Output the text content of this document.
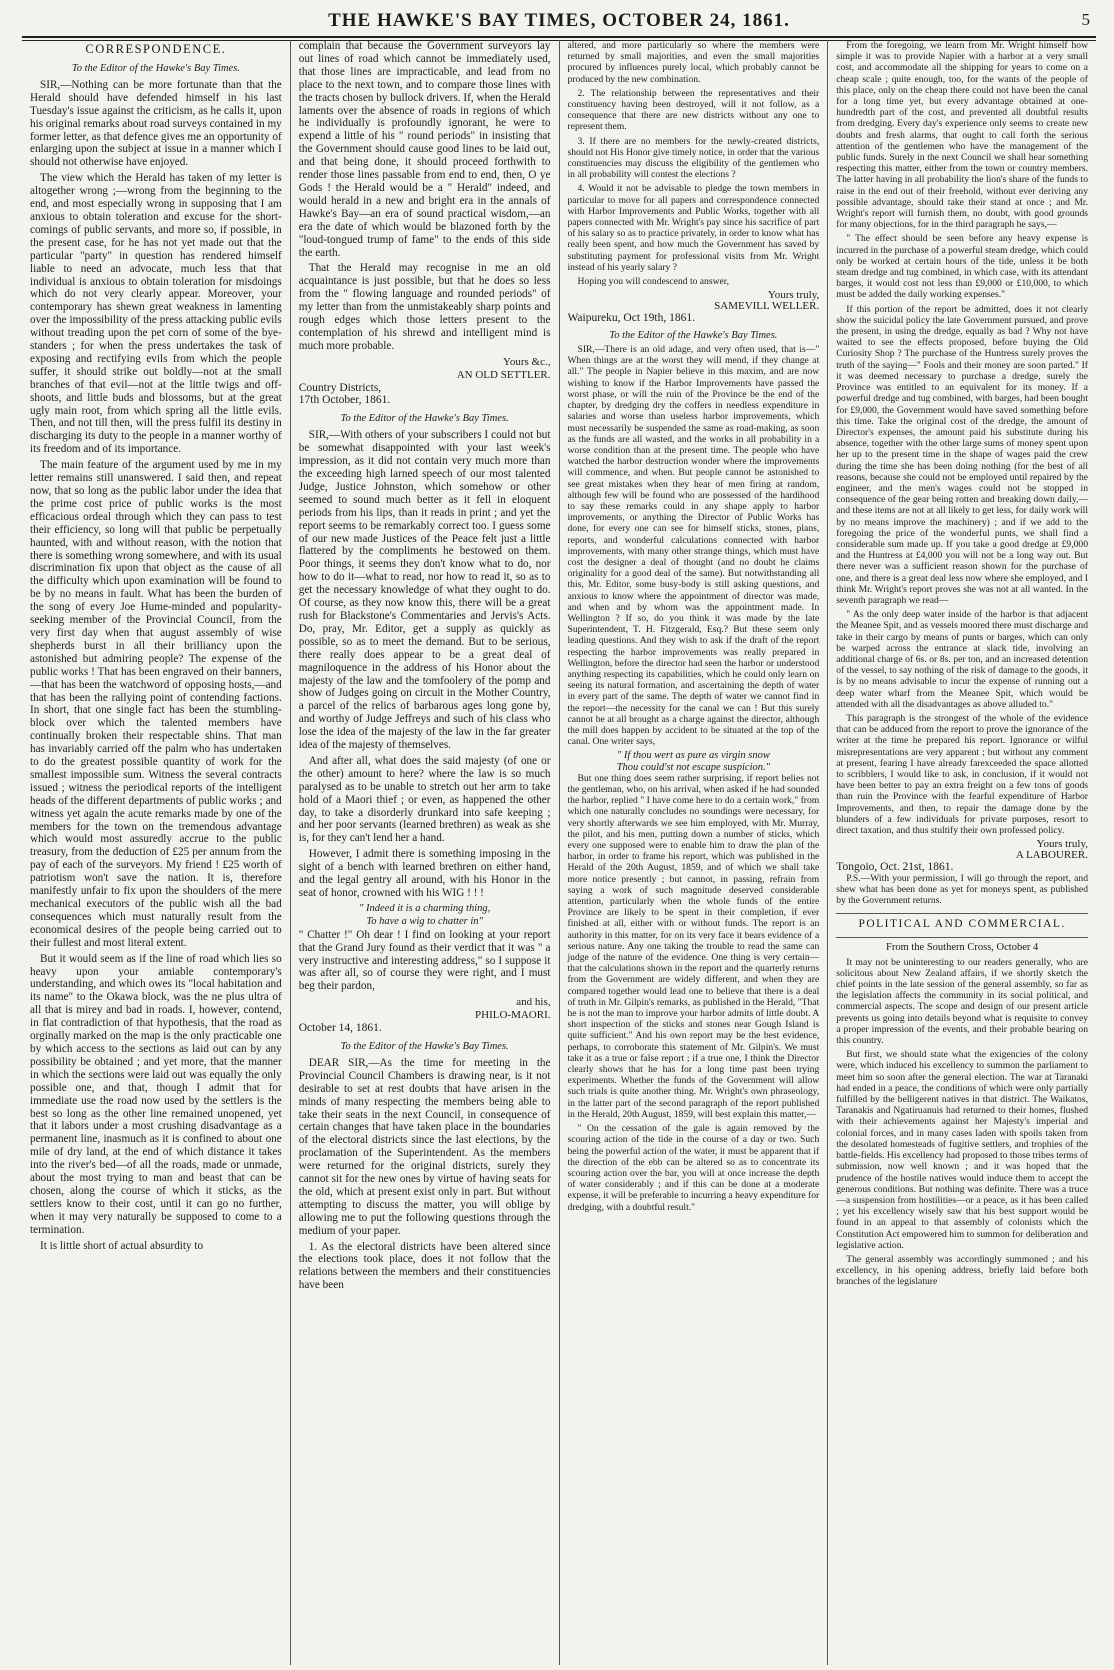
THE HAWKE'S BAY TIMES, OCTOBER 24, 1861.	5
CORRESPONDENCE.

To the Editor of the Hawke's Bay Times.

SIR,—Nothing can be more fortunate than that the Herald should have defended himself in his last Tuesday's issue against the criticism, as he calls it, upon his original remarks about road surveys contained in my former letter, as that defence gives me an opportunity of enlarging upon the subject at issue in a manner which I should not otherwise have enjoyed.

The view which the Herald has taken of my letter is altogether wrong ;—wrong from the beginning to the end, and most especially wrong in supposing that I am anxious to obtain toleration and excuse for the short-comings of public servants, and more so, if possible, in the present case, for he has not yet made out that the particular "party" in question has rendered himself liable to need an advocate, much less that that individual is anxious to obtain toleration for misdoings which do not very clearly appear. Moreover, your contemporary has shewn great weakness in lamenting over the impossibility of the press attacking public evils without treading upon the pet corn of some of the bye-standers ; for when the press undertakes the task of exposing and rectifying evils from which the people suffer, it should strike out boldly—not at the small branches of that evil—not at the little twigs and off-shoots, and little buds and blossoms, but at the great ugly main root, from which spring all the little evils. Then, and not till then, will the press fulfil its destiny in discharging its duty to the people in a manner worthy of its freedom and of its importance.

The main feature of the argument used by me in my letter remains still unanswered. I said then, and repeat now, that so long as the public labor under the idea that the prime cost price of public works is the most efficacious ordeal through which they can pass to test their efficiency, so long will that public be perpetually haunted, with and without reason, with the notion that there is something wrong somewhere, and with its usual discrimination fix upon that object as the cause of all the difficulty which upon examination will be found to be by no means in fault. What has been the burden of the song of every Joe Hume-minded and popularity-seeking member of the Provincial Council, from the very first day when that august assembly of wise shepherds burst in all their brilliancy upon the astonished but admiring people? The expense of the public works ! That has been engraved on their banners,—that has been the watchword of opposing hosts,—and that has been the rallying point of contending factions. In short, that one single fact has been the stumbling-block over which the talented members have continually broken their respectable shins. That man has invariably carried off the palm who has undertaken to do the greatest possible quantity of work for the smallest impossible sum. Witness the several contracts issued ; witness the periodical reports of the intelligent heads of the different departments of public works ; and witness yet again the acute remarks made by one of the members for the town on the tremendous advantage which would most assuredly accrue to the public treasury, from the deduction of £25 per annum from the pay of each of the surveyors. My friend ! £25 worth of patriotism won't save the nation. It is, therefore manifestly unfair to fix upon the shoulders of the mere mechanical executors of the public wish all the bad consequences which must naturally result from the economical desires of the people being carried out to their fullest and most literal extent.

But it would seem as if the line of road which lies so heavy upon your amiable contemporary's understanding, and which owes its "local habitation and its name" to the Okawa block, was the ne plus ultra of all that is mirey and bad in roads. I, however, contend, in flat contradiction of that hypothesis, that the road as orginally marked on the map is the only practicable one by which access to the sections as laid out can by any possibility be obtained ; and yet more, that the manner in which the sections were laid out was equally the only possible one, and that, though I admit that for immediate use the road now used by the settlers is the best so long as the other line remained unopened, yet that it labors under a most crushing disadvantage as a permanent line, inasmuch as it is confined to about one mile of dry land, at the end of which distance it takes into the river's bed—of all the roads, made or unmade, about the most trying to man and beast that can be chosen, along the course of which it sticks, as the settlers know to their cost, until it can go no further, when it may very naturally be supposed to come to a termination.

It is little short of actual absurdity to

complain that because the Government surveyors lay out lines of road which cannot be immediately used, that those lines are impracticable, and lead from no place to the next town, and to compare those lines with the tracts chosen by bullock drivers. If, when the Herald laments over the absence of roads in regions of which he individually is profoundly ignorant, he were to expend a little of his " round periods" in insisting that the Government should cause good lines to be laid out, and that being done, it should proceed forthwith to render those lines passable from end to end, then, O ye Gods ! the Herald would be a " Herald" indeed, and would herald in a new and bright era in the annals of Hawke's Bay—an era of sound practical wisdom,—an era the date of which would be blazoned forth by the "loud-tongued trump of fame" to the ends of this side the earth.

That the Herald may recognise in me an old acquaintance is just possible, but that he does so less from the " flowing language and rounded periods" of my letter than from the unmistakeably sharp points and rough edges which those letters present to the contemplation of his shrewd and intelligent mind is much more probable.

Yours &c.,

AN OLD SETTLER.

Country Districts,

17th October, 1861.

To the Editor of the Hawke's Bay Times.

SIR,—With others of your subscribers I could not but be somewhat disappointed with your last week's impression, as it did not contain very much more than the exceeding high larned speech of our most talented Judge, Justice Johnston, which somehow or other seemed to sound much better as it fell in eloquent periods from his lips, than it reads in print ; and yet the report seems to be remarkably correct too. I guess some of our new made Justices of the Peace felt just a little flattered by the compliments he bestowed on them. Poor things, it seems they don't know what to do, nor how to do it—what to read, nor how to read it, so as to get the necessary knowledge of what they ought to do. Of course, as they now know this, there will be a great rush for Blackstone's Commentaries and Jervis's Acts. Do, pray, Mr. Editor, get a supply as quickly as possible, so as to meet the demand. But to be serious, there really does appear to be a great deal of magniloquence in the address of his Honor about the majesty of the law and the tomfoolery of the pomp and show of Judges going on circuit in the Mother Country, a parcel of the relics of barbarous ages long gone by, and worthy of Judge Jeffreys and such of his class who lose the idea of the majesty of the law in the far greater idea of the majesty of themselves.

And after all, what does the said majesty (of one or the other) amount to here? where the law is so much paralysed as to be unable to stretch out her arm to take hold of a Maori thief ; or even, as happened the other day, to take a disorderly drunkard into safe keeping ; and her poor servants (learned brethren) as weak as she is, for they can't lend her a hand.

However, I admit there is something imposing in the sight of a bench with learned brethren on either hand, and the legal gentry all around, with his Honor in the seat of honor, crowned with his WIG ! ! !

" Indeed it is a charming thing,

To have a wig to chatter in"

" Chatter !" Oh dear ! I find on looking at your report that the Grand Jury found as their verdict that it was " a very instructive and interesting address," so I suppose it was after all, so of course they were right, and I must beg their pardon,

and his,

PHILO-MAORI.

October 14, 1861.

To the Editor of the Hawke's Bay Times.

DEAR SIR,—As the time for meeting in the Provincial Council Chambers is drawing near, is it not desirable to set at rest doubts that have arisen in the minds of many respecting the members being able to take their seats in the next Council, in consequence of certain changes that have taken place in the boundaries of the electoral districts since the last elections, by the proclamation of the Superintendent. As the members were returned for the original districts, surely they cannot sit for the new ones by virtue of having seats for the old, which at present exist only in part. But without attempting to discuss the matter, you will oblige by allowing me to put the following questions through the medium of your paper.

1. As the electoral districts have been altered since the elections took place, does it not follow that the relations between the members and their constituencies have been

altered, and more particularly so where the members were returned by small majorities, and even the small majorities procured by influences purely local, which probably cannot be produced by the new combination.

2. The relationship between the representatives and their constituency having been destroyed, will it not follow, as a consequence that there are new districts without any one to represent them.

3. If there are no members for the newly-created districts, should not His Honor give timely notice, in order that the various constituencies may discuss the eligibility of the gentlemen who in all probability will contest the elections ?

4. Would it not be advisable to pledge the town members in particular to move for all papers and correspondence connected with Harbor Improvements and Public Works, together with all papers connected with Mr. Wright's pay since his sacrifice of part of his salary so as to practice privately, in order to know what has really been spent, and how much the Government has saved by substituting payment for professional visits from Mr. Wright instead of his yearly salary ?

Hoping you will condescend to answer,

Yours truly,

SAMEVILL WELLER.

Waipureku, Oct 19th, 1861.

To the Editor of the Hawke's Bay Times.

SIR,—There is an old adage, and very often used, that is—" When things are at the worst they will mend, if they change at all." The people in Napier believe in this maxim, and are now wishing to know if the Harbor Improvements have passed the worst phase, or will the ruin of the Province be the end of the chapter, by dredging dry the coffers in needless expenditure in salaries and worse than useless harbor improvements, which must necessarily be suspended the same as road-making, as soon as the funds are all wasted, and the works in all probability in a worse condition than at the present time. The people who have watched the harbor destruction wonder where the improvements will commence, and when. But people cannot be astonished to see great mistakes when they hear of men firing at random, although few will be found who are possessed of the hardihood to say these remarks could in any shape apply to harbor improvements, or anything the Director of Public Works has done, for every one can see for himself sticks, stones, plans, reports, and wonderful calculations connected with harbor improvements, with many other strange things, which must have cost the designer a deal of thought (and no doubt he claims originality for a good deal of the same). But notwithstanding all this, Mr. Editor, some busy-body is still asking questions, and anxious to know where the appointment of director was made, and when and by whom was the appointment made. In Wellington ? If so, do you think it was made by the late Superintendent, T. H. Fitzgerald, Esq.? But these seem only leading questions. And they wish to ask if the draft of the report respecting the harbor improvements was really prepared in Wellington, before the director had seen the harbor or understood anything respecting its capabilities, which he could only learn on seeing its natural formation, and ascertaining the depth of water in every part of the same. The depth of water we cannot find in the report—the necessity for the canal we can ! But this surely cannot be at all brought as a charge against the director, although the mill does happen by accident to be situated at the top of the canal. One writer says,

" If thou wert as pure as virgin snow

Thou could'st not escape suspicion."

But one thing does seem rather surprising, if report belies not the gentleman, who, on his arrival, when asked if he had sounded the harbor, replied " I have come here to do a certain work," from which one naturally concludes no soundings were necessary, for very shortly afterwards we see him employed, with Mr. Murray, the pilot, and his men, putting down a number of sticks, which every one supposed were to enable him to draw the plan of the harbor, in order to frame his report, which was published in the Herald of the 20th August, 1859, and of which we shall take more notice presently ; but cannot, in passing, refrain from saying a work of such magnitude deserved considerable attention, particularly when the whole funds of the entire Province are likely to be spent in their completion, if ever finished at all, either with or without funds. The report is an authority in this matter, for on its very face it bears evidence of a serious nature. Any one taking the trouble to read the same can judge of the nature of the evidence. One thing is very certain—that the calculations shown in the report and the quarterly returns from the Government are widely different, and when they are compared together would lead one to believe that there is a deal of truth in Mr. Gilpin's remarks, as published in the Herald, "That he is not the man to improve your harbor admits of little doubt. A short inspection of the sticks and stones near Gough Island is quite sufficient." And his own report may be the best evidence, perhaps, to corroborate this statement of Mr. Gilpin's. We must take it as a true or false report ; if a true one, I think the Director clearly shows that he has for a long time past been trying experiments. Whether the funds of the Government will allow such trials is quite another thing. Mr. Wright's own phraseology, in the latter part of the second paragraph of the report published in the Herald, 20th August, 1859, will best explain this matter,—

" On the cessation of the gale is again removed by the scouring action of the tide in the course of a day or two. Such being the powerful action of the water, it must be apparent that if the direction of the ebb can be altered so as to concentrate its scouring action over the bar, you will at once increase the depth of water considerably ; and if this can be done at a moderate expense, it will be preferable to incurring a heavy expenditure for dredging, with a doubtful result."

From the foregoing, we learn from Mr. Wright himself how simple it was to provide Napier with a harbor at a very small cost, and accommodate all the shipping for years to come on a cheap scale ; quite enough, too, for the wants of the people of this place, only on the cheap there could not have been the canal for a long time yet, but every advantage obtained at one-hundredth part of the cost, and prevented all doubtful results from dredging. Every day's experience only seems to create new doubts and fresh alarms, that ought to call forth the serious attention of the gentlemen who have the management of the public funds. Surely in the next Council we shall hear something respecting this matter, either from the town or country members. The latter having in all probability the lion's share of the funds to raise in the end out of their freehold, without ever deriving any possible advantage, should take their stand at once ; and Mr. Wright's report will furnish them, no doubt, with good grounds for many objections, for in the third paragraph he says,—

" The effect should be seen before any heavy expense is incurred in the purchase of a powerful steam dredge, which could only be worked at certain hours of the tide, unless it be both steam dredge and tug combined, in which case, with its attendant barges, it would cost not less than £9,000 or £10,000, to which must be added the daily working expenses."

If this portion of the report be admitted, does it not clearly show the suicidal policy the late Government pursued, and prove the present, in using the dredge, equally as bad ? Why not have waited to see the effects proposed, before buying the Old Curiosity Shop ? The purchase of the Huntress surely proves the truth of the saying—" Fools and their money are soon parted." If it was deemed necessary to purchase a dredge, surely the Province was entitled to an equivalent for its money. If a powerful dredge and tug combined, with barges, had been bought for £9,000, the Government would have saved something before this time. Take the original cost of the dredge, the amount of Director's expenses, the amount paid his substitute during his absence, together with the other large sums of money spent upon her up to the present time in the shape of wages paid the crew during the time she has been doing nothing (for the best of all reasons, because she could not be employed until repaired by the engineer, and the men's wages could not be stopped in consequence of the gear being rotten and breaking down daily,—and these items are not at all likely to get less, for daily work will by no means improve the machinery) ; and if we add to the foregoing the price of the wonderful punts, we shall find a considerable sum made up. If you take a good dredge at £9,000 and the Huntress at £4,000 you will not be a long way out. But there never was a sufficient reason shown for the purchase of one, and there is a great deal less now where she employed, and I think Mr. Wright's report proves she was not at all wanted. In the seventh paragraph we read—

" As the only deep water inside of the harbor is that adjacent the Meanee Spit, and as vessels moored there must discharge and take in their cargo by means of punts or barges, which can only be warped across the entrance at slack tide, involving an additional charge of 6s. or 8s. per ton, and an increased detention of the vessel, to say nothing of the risk of damage to the goods, it is by no means advisable to incur the expense of running out a deep water wharf from the Meanee Spit, which would be attended with all the disadvantages as above alluded to."

This paragraph is the strongest of the whole of the evidence that can be adduced from the report to prove the ignorance of the writer at the time he prepared his report. Ignorance or wilful misrepresentations are very apparent ; but without any comment at present, fearing I have already farexceeded the space allotted to scribblers, I would like to ask, in conclusion, if it would not have been better to pay an extra freight on a few tons of goods than ruin the Province with the fearful expenditure of Harbor Improvements, and then, to repair the damage done by the blunders of a few individuals for private purposes, resort to direct taxation, and thus stultify their own professed policy.

Yours truly,

A LABOURER.

Tongoio, Oct. 21st, 1861.

P.S.—With your permission, I will go through the report, and shew what has been done as yet for moneys spent, as published by the Government returns.

POLITICAL AND COMMERCIAL.

From the Southern Cross, October 4

It may not be uninteresting to our readers generally, who are solicitous about New Zealand affairs, if we shortly sketch the chief points in the late session of the general assembly, so far as the legislation affects the community in its social political, and commercial aspects. The scope and design of our present article prevents us going into details beyond what is requisite to convey a proper impression of the events, and their probable bearing on this country.

But first, we should state what the exigencies of the colony were, which induced his excellency to summon the parliament to meet him so soon after the general election. The war at Taranaki had ended in a peace, the conditions of which were only partially fulfilled by the belligerent natives in that district. The Waikatos, Taranakis and Ngatiruanuis had returned to their homes, flushed with their achievements against her Majesty's imperial and colonial forces, and in many cases laden with spoils taken from the desolated homesteads of fugitive settlers, and trophies of the battle-fields. His excellency had proposed to those tribes terms of submission, now well known ; and it was hoped that the prudence of the hostile natives would induce them to accept the generous conditions. But nothing was definite. There was a truce—a suspension from hostilities—or a peace, as it has been called ; yet his excellency wisely saw that his best support would be found in an appeal to that assembly of colonists which the Constitution Act empowered him to summon for deliberation and legislative action.

The general assembly was accordingly summoned ; and his excellency, in his opening address, briefly laid before both branches of the legislature
